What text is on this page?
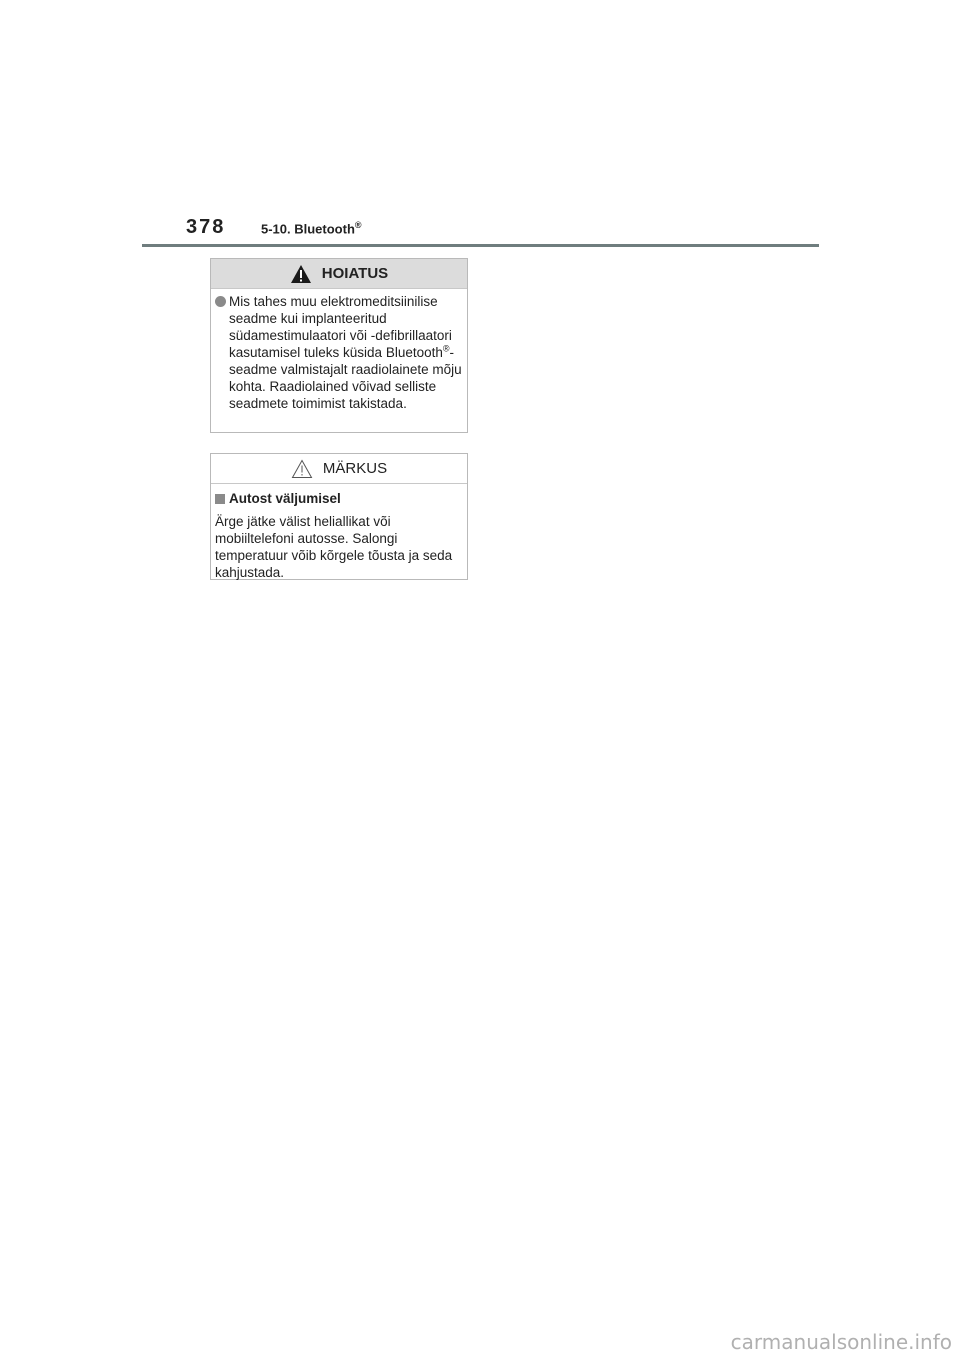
378	5-10. Bluetooth®
HOIATUS
Mis tahes muu elektromeditsiinilise seadme kui implanteeritud südamestimulaatori või -defibrillaatori kasutamisel tuleks küsida Bluetooth®-seadme valmistajalt raadiolainete mõju kohta. Raadiolained võivad selliste seadmete toimimist takistada.
MÄRKUS
Autost väljumisel
Ärge jätke välist heliallikat või mobiiltelefoni autosse. Salongi temperatuur võib kõrgele tõusta ja seda kahjustada.
carmanualsonline.info
